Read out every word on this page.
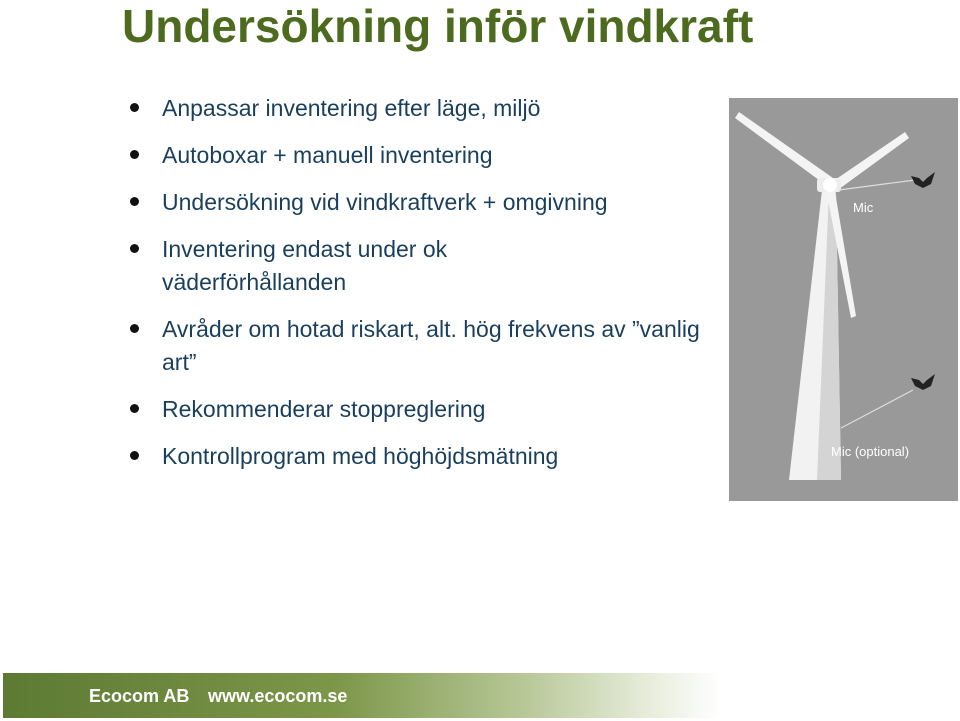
Undersökning inför vindkraft
Anpassar inventering efter läge, miljö
Autoboxar + manuell inventering
Undersökning vid vindkraftverk + omgivning
Inventering endast under ok väderförhållanden
Avråder om hotad riskart, alt. hög frekvens av ”vanlig art”
Rekommenderar stoppreglering
Kontrollprogram med höghöjdsmätning
Mic
Mic (optional)
Ecocom AB www.ecocom.se
